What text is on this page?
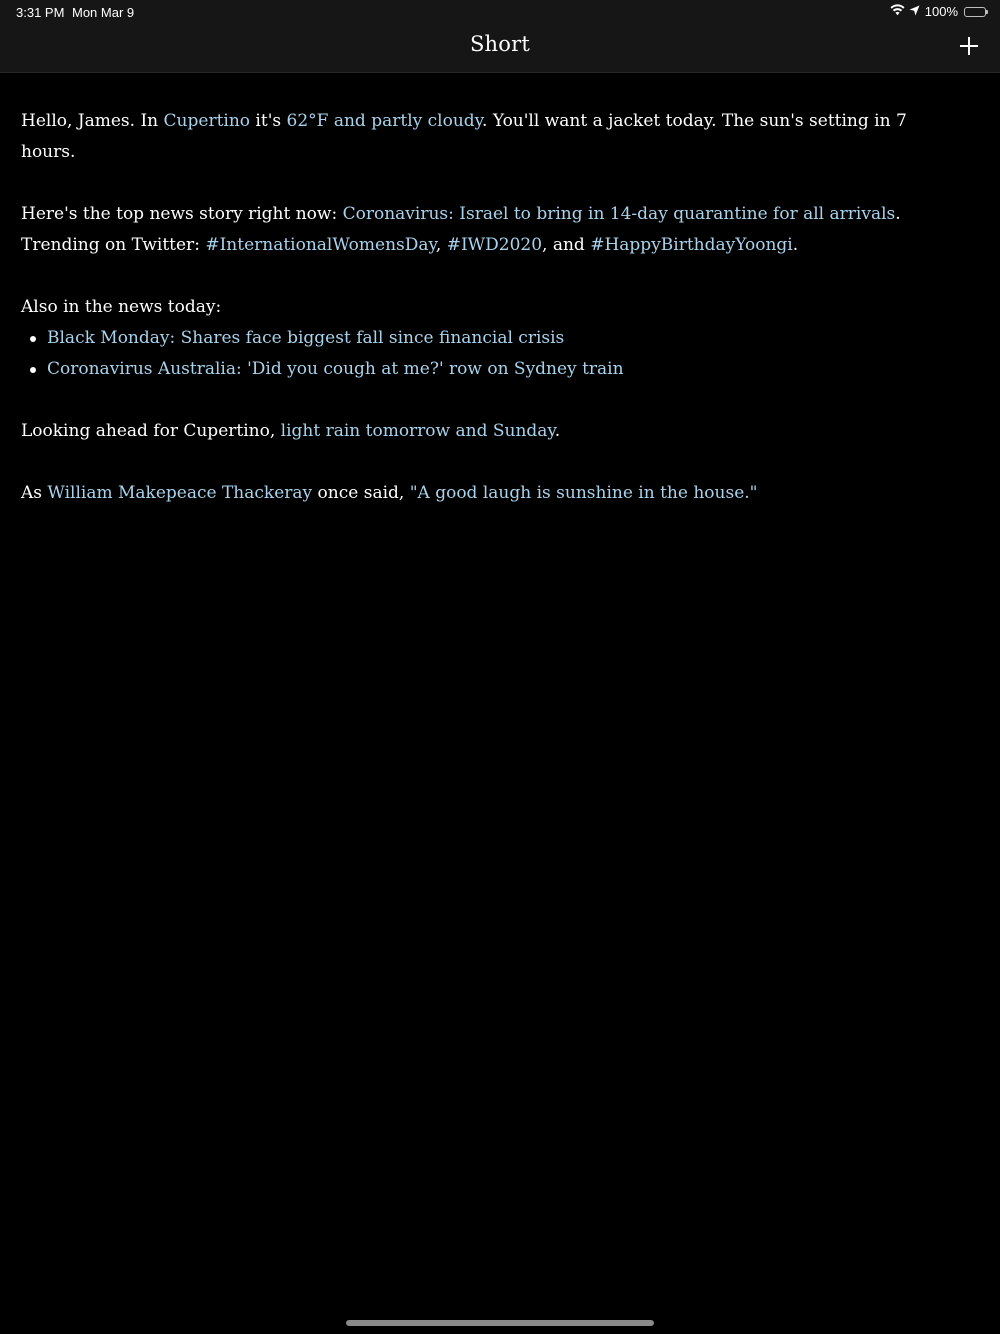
3:31 PM Mon Mar 9	100%
Short

Hello, James. In Cupertino it's 62°F and partly cloudy. You'll want a jacket today. The sun's setting in 7 hours.

Here's the top news story right now: Coronavirus: Israel to bring in 14-day quarantine for all arrivals.
Trending on Twitter: #InternationalWomensDay, #IWD2020, and #HappyBirthdayYoongi.

Also in the news today:
Black Monday: Shares face biggest fall since financial crisis
Coronavirus Australia: 'Did you cough at me?' row on Sydney train

Looking ahead for Cupertino, light rain tomorrow and Sunday.

As William Makepeace Thackeray once said, "A good laugh is sunshine in the house."
